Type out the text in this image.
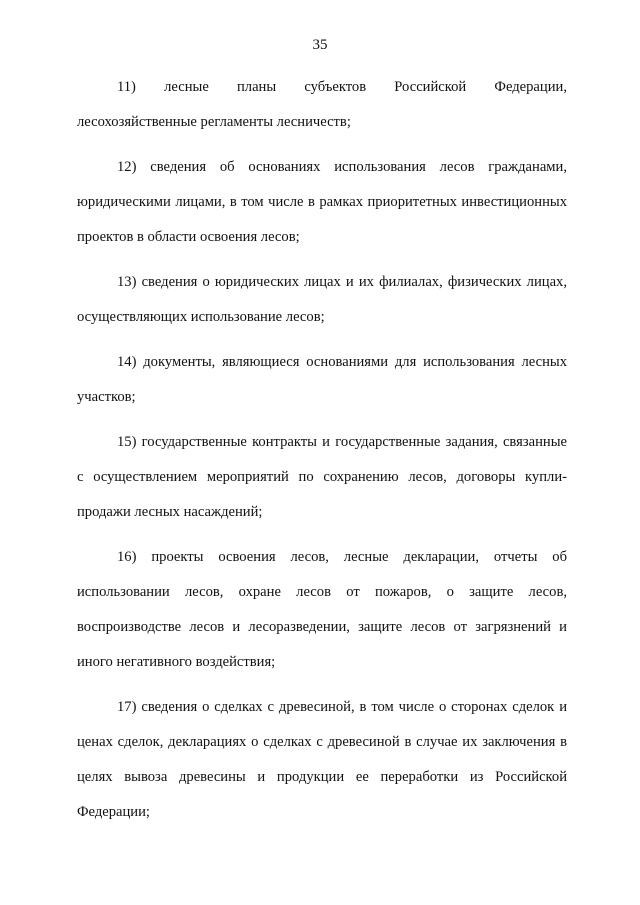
35

11) лесные планы субъектов Российской Федерации, лесохозяйственные регламенты лесничеств;

12) сведения об основаниях использования лесов гражданами, юридическими лицами, в том числе в рамках приоритетных инвестиционных проектов в области освоения лесов;

13) сведения о юридических лицах и их филиалах, физических лицах, осуществляющих использование лесов;

14) документы, являющиеся основаниями для использования лесных участков;

15) государственные контракты и государственные задания, связанные с осуществлением мероприятий по сохранению лесов, договоры купли-продажи лесных насаждений;

16) проекты освоения лесов, лесные декларации, отчеты об использовании лесов, охране лесов от пожаров, о защите лесов, воспроизводстве лесов и лесоразведении, защите лесов от загрязнений и иного негативного воздействия;

17) сведения о сделках с древесиной, в том числе о сторонах сделок и ценах сделок, декларациях о сделках с древесиной в случае их заключения в целях вывоза древесины и продукции ее переработки из Российской Федерации;
